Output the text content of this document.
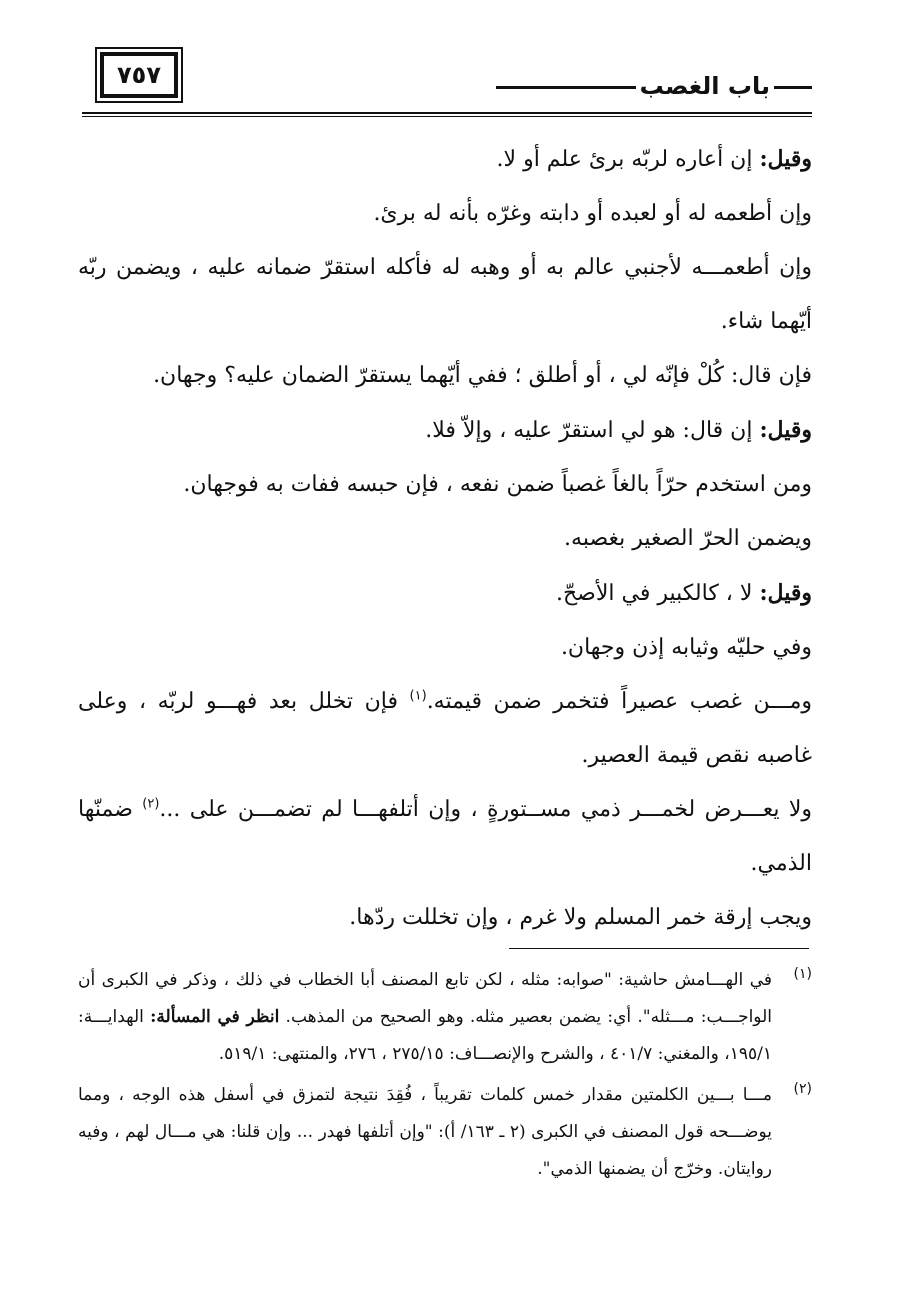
٧٥٧	باب الغصب

وقيل: إن أعاره لربّه برئ علم أو لا.

وإن أطعمه له أو لعبده أو دابته وغرّه بأنه له برئ.

وإن أطعمـــه لأجنبي عالم به أو وهبه له فأكله استقرّ ضمانه عليه ، ويضمن ربّه أيّهما شاء.

فإن قال: كُلْ فإنّه لي ، أو أطلق ؛ ففي أيّهما يستقرّ الضمان عليه؟ وجهان.

وقيل: إن قال: هو لي استقرّ عليه ، وإلاّ فلا.

ومن استخدم حرّاً بالغاً غصباً ضمن نفعه ، فإن حبسه ففات به فوجهان.

ويضمن الحرّ الصغير بغصبه.

وقيل: لا ، كالكبير في الأصحّ.

وفي حليّه وثيابه إذن وجهان.

ومـــن غصب عصيراً فتخمر ضمن قيمته.$^{(١)}$ فإن تخلل بعد فهـــو لربّه ، وعلى غاصبه نقص قيمة العصير.

ولا يعـــرض لخمـــر ذمي مســتورةٍ ، وإن أتلفهـــا لم تضمـــن على ...$^{(٢)}$ ضمنّها الذمي.

ويجب إرقة خمر المسلم ولا غرم ، وإن تخللت ردّها.

(١)
في الهـــامش حاشية: "صوابه: مثله ، لكن تابع المصنف أبا الخطاب في ذلك ، وذكر في الكبرى أن الواجـــب: مـــثله". أي: يضمن بعصير مثله. وهو الصحيح من المذهب. انظر في المسألة: الهدايـــة: ١٩٥/١، والمغني: ٤٠١/٧ ، والشرح والإنصـــاف: ٢٧٥/١٥ ، ٢٧٦، والمنتهى: ٥١٩/١.

(٢)
مـــا بـــين الكلمتين مقدار خمس كلمات تقريباً ، فُقِدَ نتيجة لتمزق في أسفل هذه الوجه ، ومما يوضـــحه قول المصنف في الكبرى (٢ ـ ١٦٣/ أ): "وإن أتلفها فهدر ... وإن قلنا: هي مـــال لهم ، وفيه روايتان. وخرّج أن يضمنها الذمي".
